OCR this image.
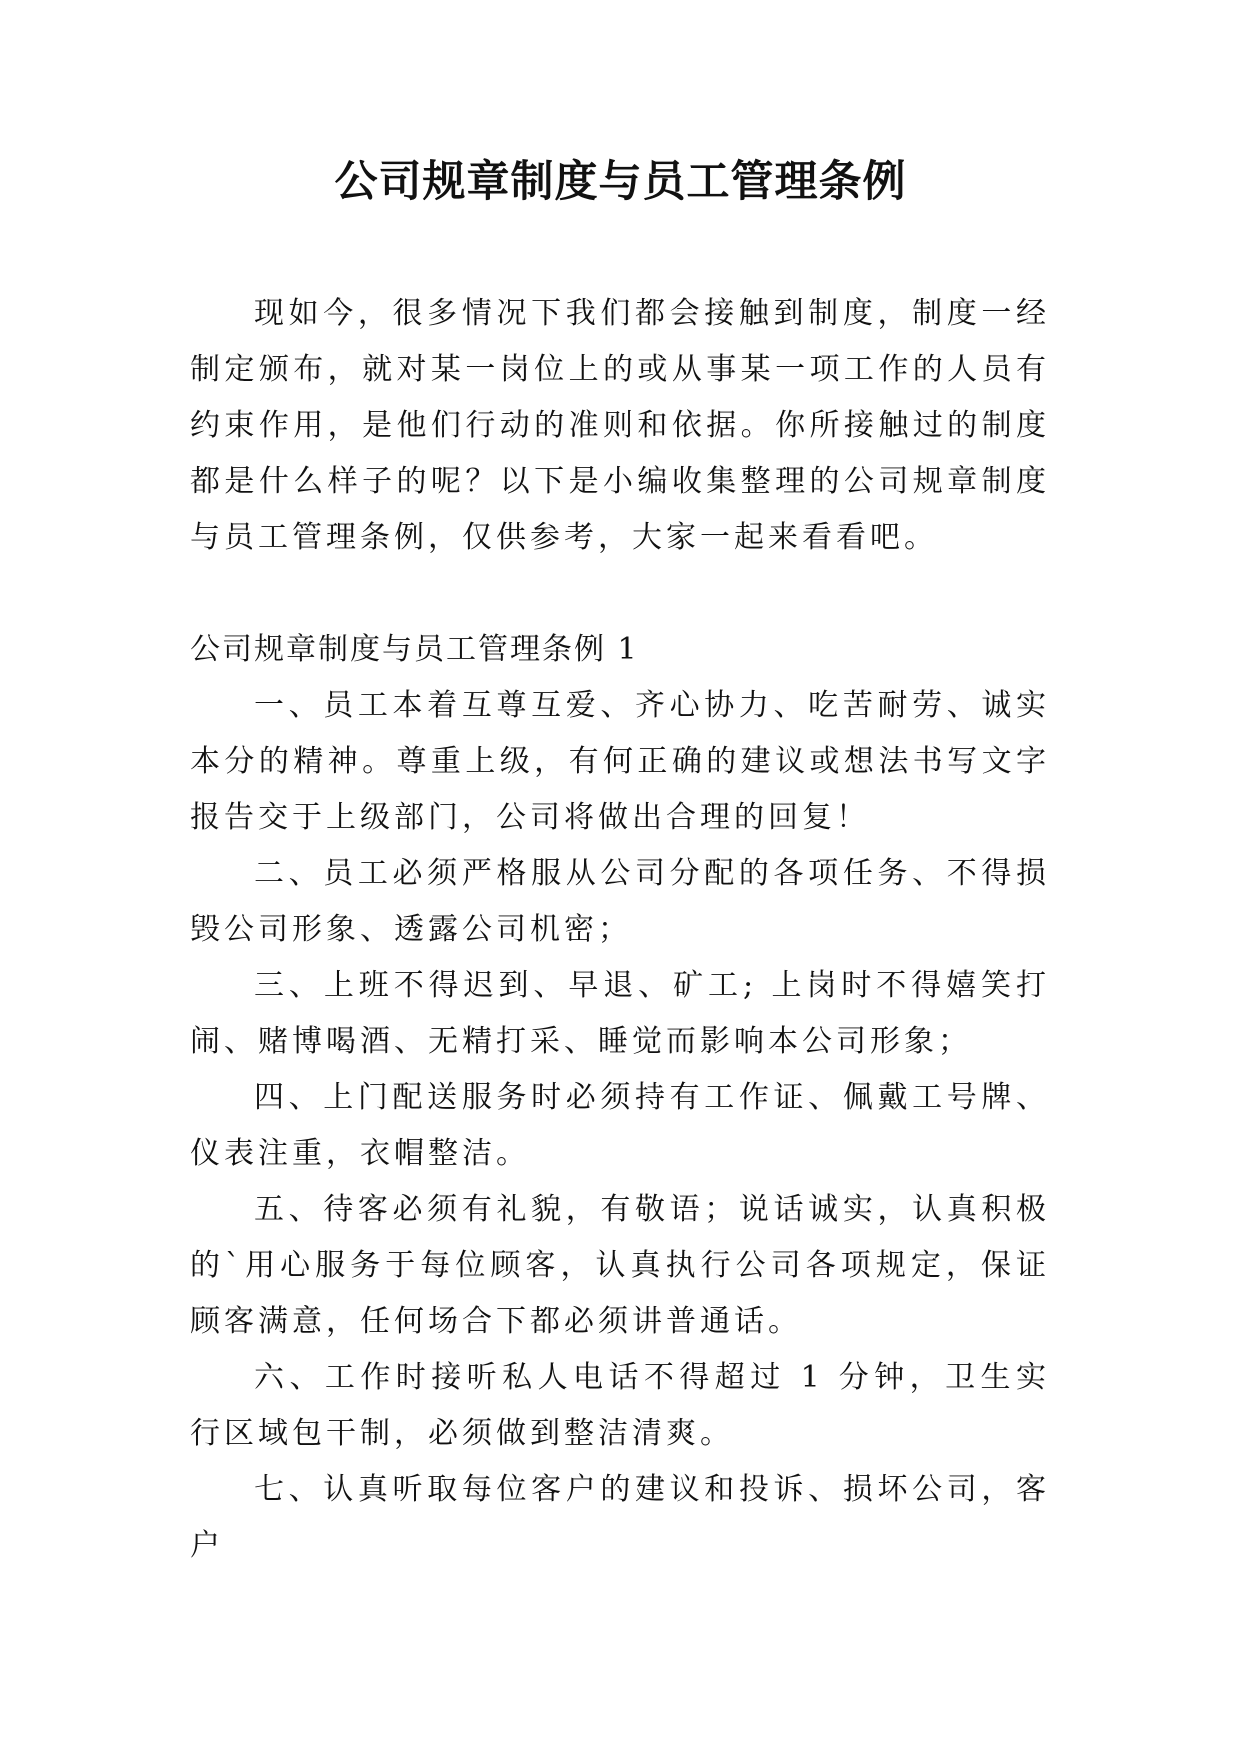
公司规章制度与员工管理条例

现如今，很多情况下我们都会接触到制度，制度一经制定颁布，就对某一岗位上的或从事某一项工作的人员有约束作用，是他们行动的准则和依据。你所接触过的制度都是什么样子的呢？以下是小编收集整理的公司规章制度与员工管理条例，仅供参考，大家一起来看看吧。

公司规章制度与员工管理条例 1

一、员工本着互尊互爱、齐心协力、吃苦耐劳、诚实本分的精神。尊重上级，有何正确的建议或想法书写文字报告交于上级部门，公司将做出合理的回复！

二、员工必须严格服从公司分配的各项任务、不得损毁公司形象、透露公司机密；

三、上班不得迟到、早退、矿工; 上岗时不得嬉笑打闹、赌博喝酒、无精打采、睡觉而影响本公司形象；

四、上门配送服务时必须持有工作证、佩戴工号牌、仪表注重，衣帽整洁。

五、待客必须有礼貌，有敬语；说话诚实，认真积极的`用心服务于每位顾客，认真执行公司各项规定，保证顾客满意，任何场合下都必须讲普通话。

六、工作时接听私人电话不得超过 1 分钟，卫生实行区域包干制，必须做到整洁清爽。

七、认真听取每位客户的建议和投诉、损坏公司，客户
